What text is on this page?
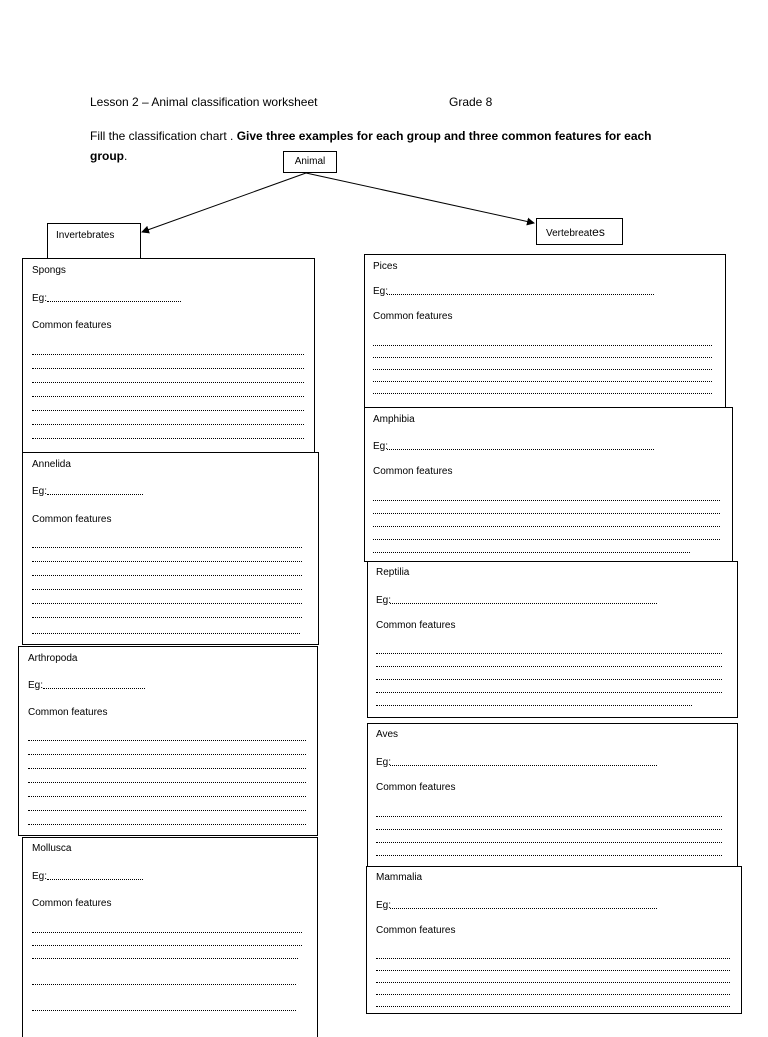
Lesson 2 – Animal classification worksheet	Grade 8
Fill the classification chart . Give three examples for each group and three common features for each group.	Animal
Invertebrates	Vertebreates
Spongs
Eg:
Common features
Annelida
Eg:
Common features
Arthropoda
Eg:
Common features
Mollusca
Eg:
Common features
Pices
Eg:
Common features
Amphibia
Eg:
Common features
Reptilia
Eg:
Common features
Aves
Eg:
Common features
Mammalia
Eg:
Common features
